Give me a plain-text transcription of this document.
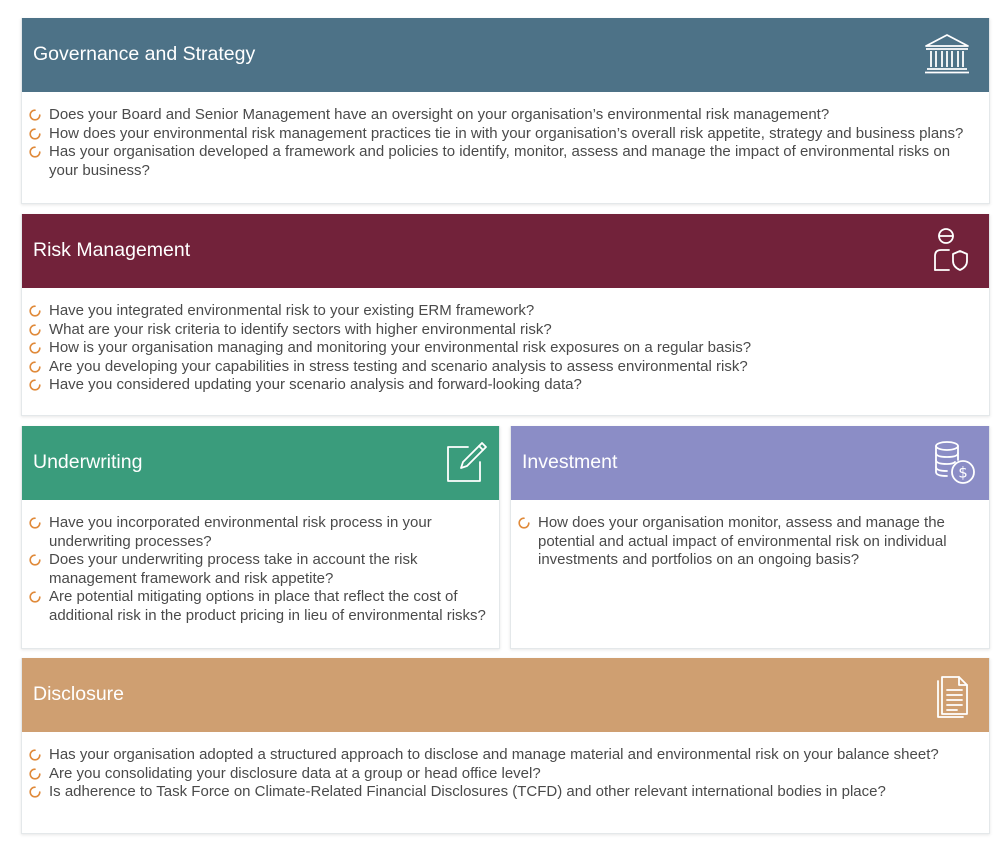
Governance and Strategy
Does your Board and Senior Management have an oversight on your organisation’s environmental risk management?
How does your environmental risk management practices tie in with your organisation’s overall risk appetite, strategy and business plans?
Has your organisation developed a framework and policies to identify, monitor, assess and manage the impact of environmental risks on your business?
Risk Management
Have you integrated environmental risk to your existing ERM framework?
What are your risk criteria to identify sectors with higher environmental risk?
How is your organisation managing and monitoring your environmental risk exposures on a regular basis?
Are you developing your capabilities in stress testing and scenario analysis to assess environmental risk?
Have you considered updating your scenario analysis and forward-looking data?
Underwriting
Have you incorporated environmental risk process in your underwriting processes?
Does your underwriting process take in account the risk management framework and risk appetite?
Are potential mitigating options in place that reflect the cost of additional risk in the product pricing in lieu of environmental risks?
Investment	$
How does your organisation monitor, assess and manage the potential and actual impact of environmental risk on individual investments and portfolios on an ongoing basis?
Disclosure
Has your organisation adopted a structured approach to disclose and manage material and environmental risk on your balance sheet?
Are you consolidating your disclosure data at a group or head office level?
Is adherence to Task Force on Climate-Related Financial Disclosures (TCFD) and other relevant international bodies in place?
